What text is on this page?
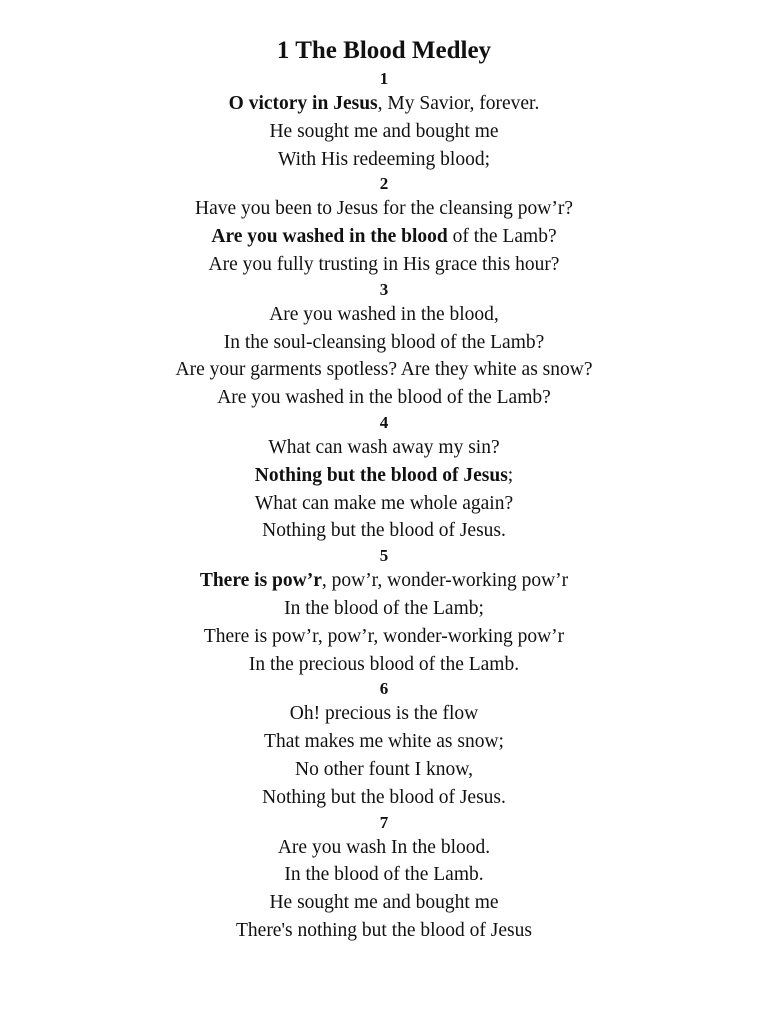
1 The Blood Medley
1
O victory in Jesus, My Savior, forever.
He sought me and bought me
With His redeeming blood;
2
Have you been to Jesus for the cleansing pow’r?
Are you washed in the blood of the Lamb?
Are you fully trusting in His grace this hour?
3
Are you washed in the blood,
In the soul-cleansing blood of the Lamb?
Are your garments spotless? Are they white as snow?
Are you washed in the blood of the Lamb?
4
What can wash away my sin?
Nothing but the blood of Jesus;
What can make me whole again?
Nothing but the blood of Jesus.
5
There is pow’r, pow’r, wonder-working pow’r
In the blood of the Lamb;
There is pow’r, pow’r, wonder-working pow’r
In the precious blood of the Lamb.
6
Oh! precious is the flow
That makes me white as snow;
No other fount I know,
Nothing but the blood of Jesus.
7
Are you wash In the blood.
In the blood of the Lamb.
He sought me and bought me
There's nothing but the blood of Jesus
